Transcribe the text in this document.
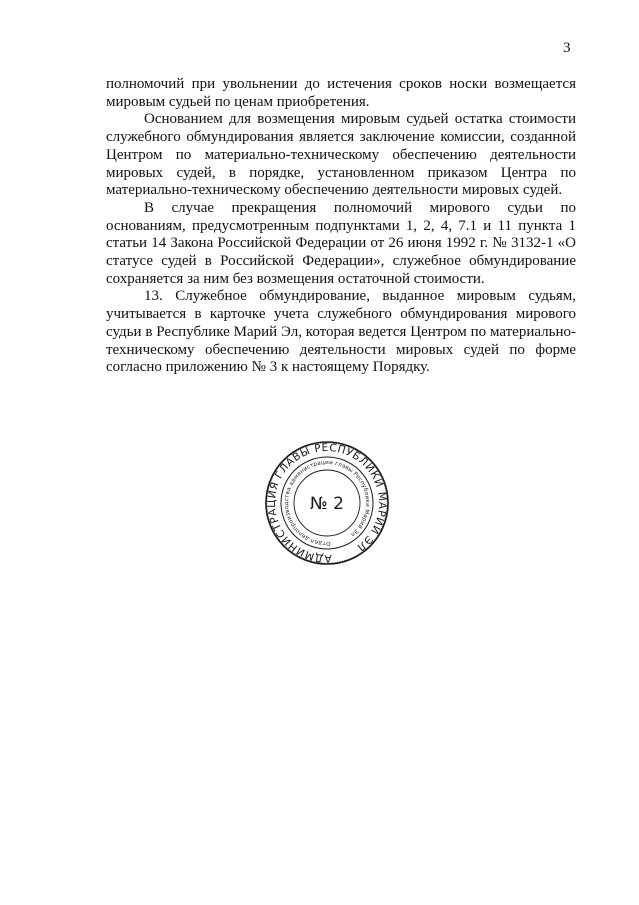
3

полномочий при увольнении до истечения сроков носки возмещается мировым судьей по ценам приобретения.

Основанием для возмещения мировым судьей остатка стоимости служебного обмундирования является заключение комиссии, созданной Центром по материально-техническому обеспечению деятельности мировых судей, в порядке, установленном приказом Центра по материально-техническому обеспечению деятельности мировых судей.

В случае прекращения полномочий мирового судьи по основаниям, предусмотренным подпунктами 1, 2, 4, 7.1 и 11 пункта 1 статьи 14 Закона Российской Федерации от 26 июня 1992 г. № 3132-1 «О статусе судей в Российской Федерации», служебное обмундирование сохраняется за ним без возмещения остаточной стоимости.

13. Служебное обмундирование, выданное мировым судьям, учитывается в карточке учета служебного обмундирования мирового судьи в Республике Марий Эл, которая ведется Центром по материально-техническому обеспечению деятельности мировых судей по форме согласно приложению № 3 к настоящему Порядку.

АДМИНИСТРАЦИЯ ГЛАВЫ РЕСПУБЛИКИ МАРИЙ ЭЛ
Отдел делопроизводства администрации главы Республики Марий Эл
№ 2
